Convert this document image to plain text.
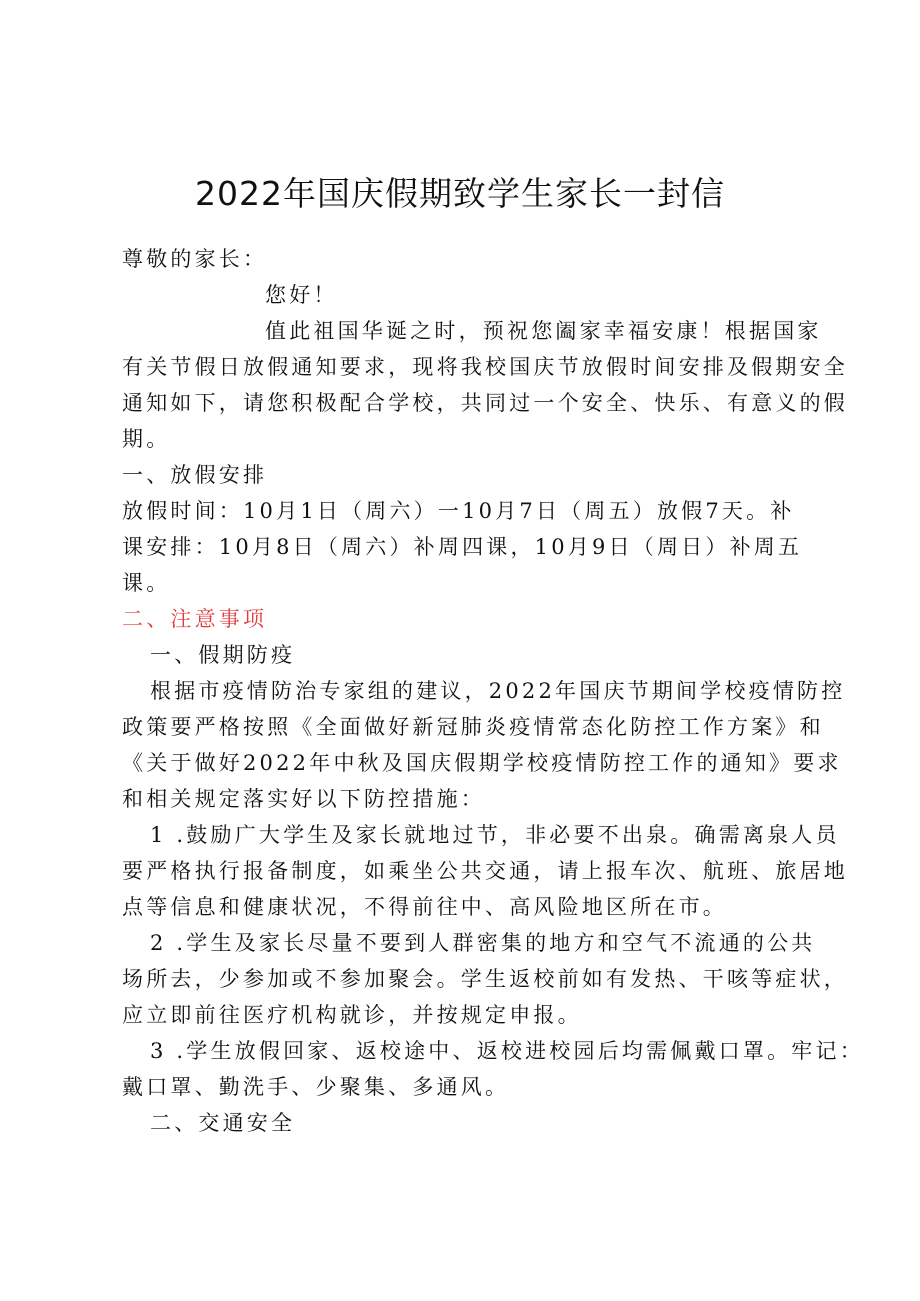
2022年国庆假期致学生家长一封信

尊敬的家长：

您好！

值此祖国华诞之时，预祝您阖家幸福安康！根据国家

有关节假日放假通知要求，现将我校国庆节放假时间安排及假期安全

通知如下，请您积极配合学校，共同过一个安全、快乐、有意义的假

期。

一、放假安排

放假时间：10月1日（周六）一10月7日（周五）放假7天。补

课安排：10月8日（周六）补周四课，10月9日（周日）补周五

课。

二、注意事项

一、假期防疫

根据市疫情防治专家组的建议，2022年国庆节期间学校疫情防控

政策要严格按照《全面做好新冠肺炎疫情常态化防控工作方案》和

《关于做好2022年中秋及国庆假期学校疫情防控工作的通知》要求

和相关规定落实好以下防控措施：

1 .鼓励广大学生及家长就地过节，非必要不出泉。确需离泉人员

要严格执行报备制度，如乘坐公共交通，请上报车次、航班、旅居地

点等信息和健康状况，不得前往中、高风险地区所在市。

2 .学生及家长尽量不要到人群密集的地方和空气不流通的公共

场所去，少参加或不参加聚会。学生返校前如有发热、干咳等症状，

应立即前往医疗机构就诊，并按规定申报。

3 .学生放假回家、返校途中、返校进校园后均需佩戴口罩。牢记：

戴口罩、勤洗手、少聚集、多通风。

二、交通安全
